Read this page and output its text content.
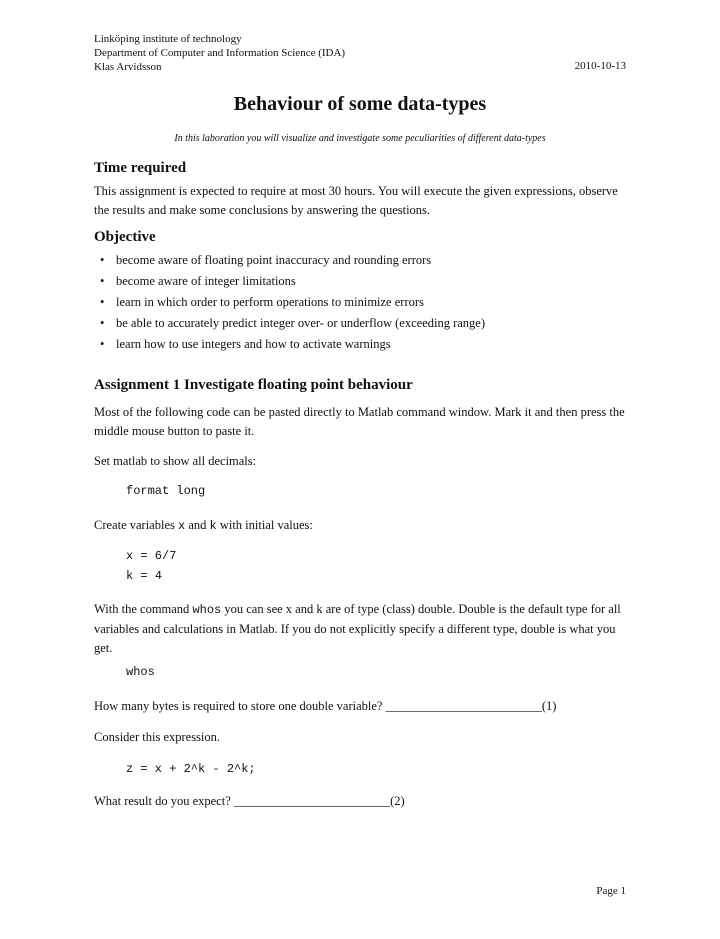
Linköping institute of technology
Department of Computer and Information Science (IDA)
Klas Arvidsson	2010-10-13
Behaviour of some data-types
In this laboration you will visualize and investigate some peculiarities of different data-types
Time required
This assignment is expected to require at most 30 hours. You will execute the given expressions, observe the results and make some conclusions by answering the questions.
Objective
• become aware of floating point inaccuracy and rounding errors
• become aware of integer limitations
• learn in which order to perform operations to minimize errors
• be able to accurately predict integer over- or underflow (exceeding range)
• learn how to use integers and how to activate warnings
Assignment 1 Investigate floating point behaviour
Most of the following code can be pasted directly to Matlab command window. Mark it and then press the middle mouse button to paste it.
Set matlab to show all decimals:
format long
Create variables x and k with initial values:
x = 6/7
k = 4
With the command whos you can see x and k are of type (class) double. Double is the default type for all variables and calculations in Matlab. If you do not explicitly specify a different type, double is what you get.
whos
How many bytes is required to store one double variable? _________________________(1)
Consider this expression.
z = x + 2^k - 2^k;
What result do you expect? _________________________(2)
Page 1
